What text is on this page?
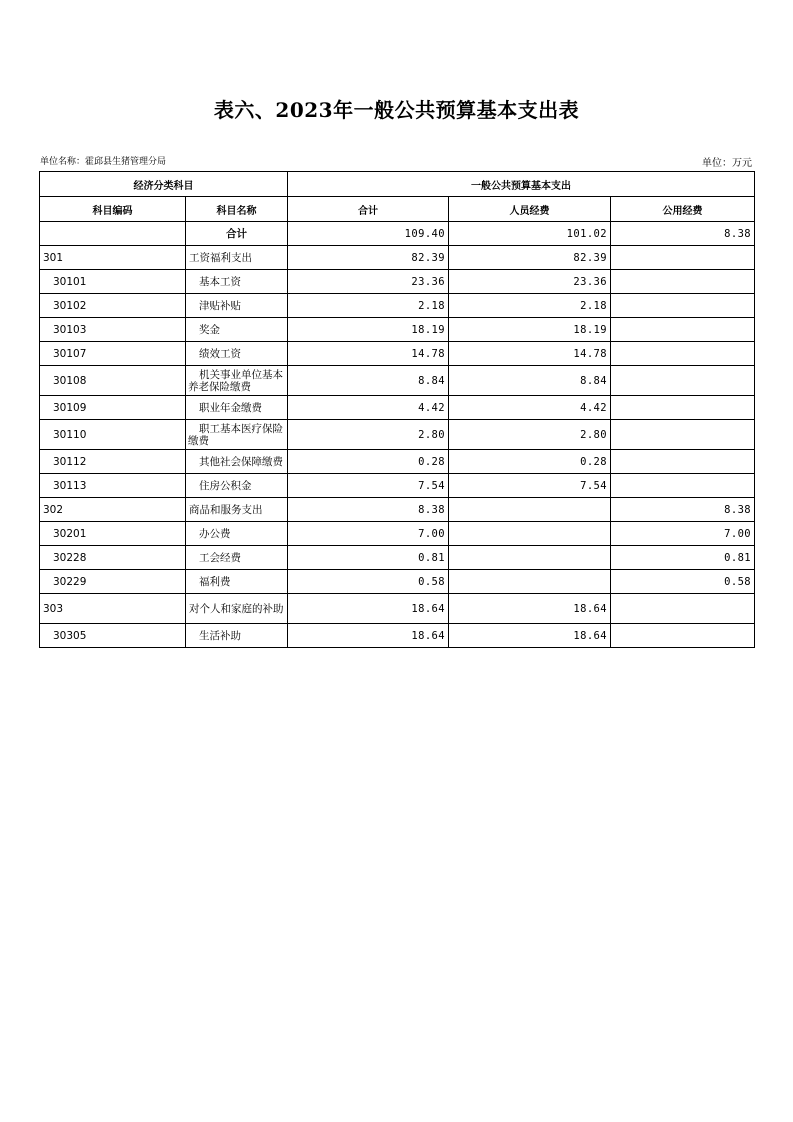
表六、2023年一般公共预算基本支出表
单位名称：霍邱县生猪管理分局	单位：万元
经济分类科目		一般公共预算基本支出		
科目编码	科目名称	合计	人员经费	公用经费
	合计	109.40	101.02	8.38
301	工资福利支出	82.39	82.39	
30101	基本工资	23.36	23.36	
30102	津贴补贴	2.18	2.18	
30103	奖金	18.19	18.19	
30107	绩效工资	14.78	14.78	
30108	机关事业单位基本养老保险缴费	8.84	8.84	
30109	职业年金缴费	4.42	4.42	
30110	职工基本医疗保险缴费	2.80	2.80	
30112	其他社会保障缴费	0.28	0.28	
30113	住房公积金	7.54	7.54	
302	商品和服务支出	8.38		8.38
30201	办公费	7.00		7.00
30228	工会经费	0.81		0.81
30229	福利费	0.58		0.58
303	对个人和家庭的补助	18.64	18.64	
30305	生活补助	18.64	18.64	
